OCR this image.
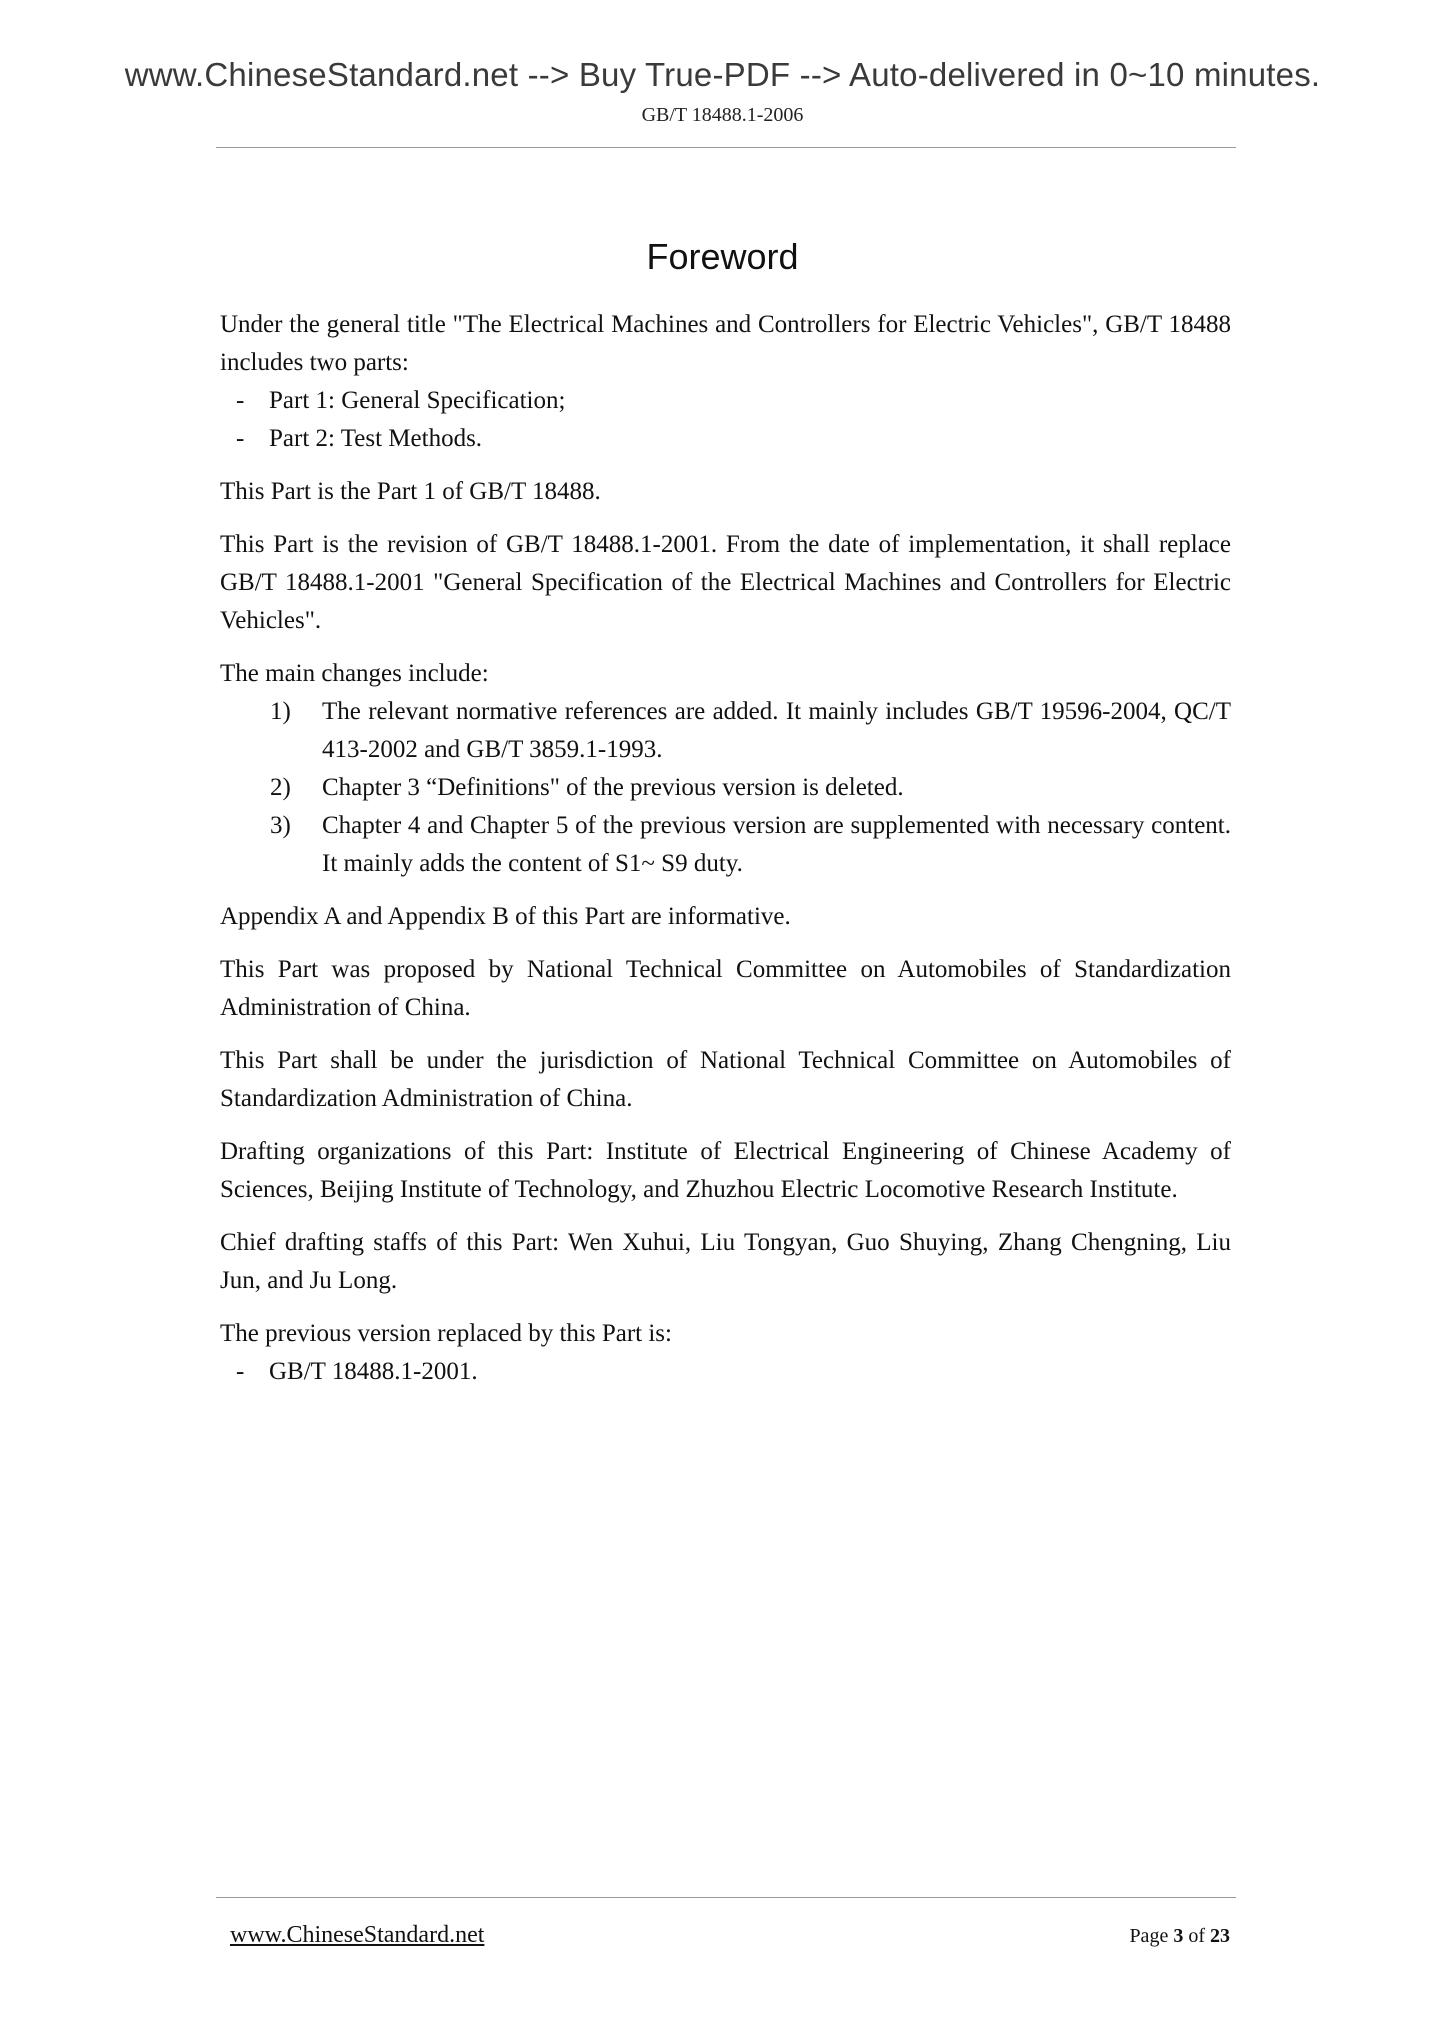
www.ChineseStandard.net --> Buy True-PDF --> Auto-delivered in 0~10 minutes.
GB/T 18488.1-2006
Foreword

Under the general title "The Electrical Machines and Controllers for Electric Vehicles", GB/T 18488 includes two parts:

- Part 1: General Specification;
- Part 2: Test Methods.

This Part is the Part 1 of GB/T 18488.

This Part is the revision of GB/T 18488.1-2001. From the date of implementation, it shall replace GB/T 18488.1-2001 "General Specification of the Electrical Machines and Controllers for Electric Vehicles".

The main changes include:

1)	The relevant normative references are added. It mainly includes GB/T 19596-2004, QC/T 413-2002 and GB/T 3859.1-1993.
2)	Chapter 3 “Definitions" of the previous version is deleted.
3)	Chapter 4 and Chapter 5 of the previous version are supplemented with necessary content. It mainly adds the content of S1~ S9 duty.

Appendix A and Appendix B of this Part are informative.

This Part was proposed by National Technical Committee on Automobiles of Standardization Administration of China.

This Part shall be under the jurisdiction of National Technical Committee on Automobiles of Standardization Administration of China.

Drafting organizations of this Part: Institute of Electrical Engineering of Chinese Academy of Sciences, Beijing Institute of Technology, and Zhuzhou Electric Locomotive Research Institute.

Chief drafting staffs of this Part: Wen Xuhui, Liu Tongyan, Guo Shuying, Zhang Chengning, Liu Jun, and Ju Long.

The previous version replaced by this Part is:

- GB/T 18488.1-2001.
www.ChineseStandard.net	Page 3 of 23
